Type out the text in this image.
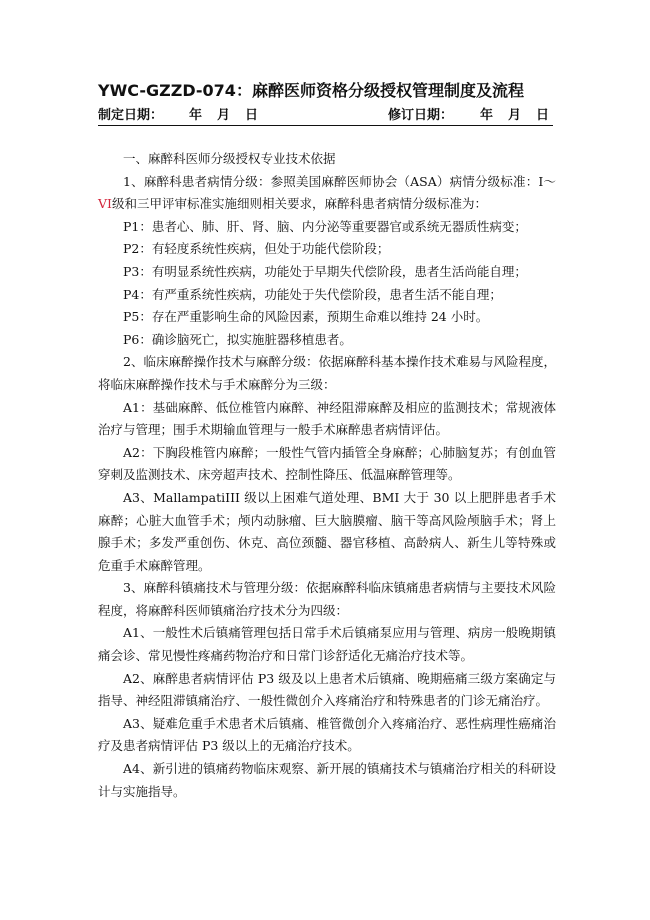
YWC-GZZD-074：麻醉医师资格分级授权管理制度及流程
制定日期： 年 月 日	修订日期： 年 月 日

一、麻醉科医师分级授权专业技术依据

1、麻醉科患者病情分级：参照美国麻醉医师协会（ASA）病情分级标准：I～VI级和三甲评审标准实施细则相关要求，麻醉科患者病情分级标准为：

P1：患者心、肺、肝、肾、脑、内分泌等重要器官或系统无器质性病变；

P2：有轻度系统性疾病，但处于功能代偿阶段；

P3：有明显系统性疾病，功能处于早期失代偿阶段，患者生活尚能自理；

P4：有严重系统性疾病，功能处于失代偿阶段，患者生活不能自理；

P5：存在严重影响生命的风险因素，预期生命难以维持 24 小时。

P6：确诊脑死亡，拟实施脏器移植患者。

2、临床麻醉操作技术与麻醉分级：依据麻醉科基本操作技术难易与风险程度，将临床麻醉操作技术与手术麻醉分为三级：

A1：基础麻醉、低位椎管内麻醉、神经阻滞麻醉及相应的监测技术；常规液体治疗与管理；围手术期输血管理与一般手术麻醉患者病情评估。

A2：下胸段椎管内麻醉；一般性气管内插管全身麻醉；心肺脑复苏；有创血管穿刺及监测技术、床旁超声技术、控制性降压、低温麻醉管理等。

A3、MallampatiIII 级以上困难气道处理、BMI 大于 30 以上肥胖患者手术麻醉；心脏大血管手术；颅内动脉瘤、巨大脑膜瘤、脑干等高风险颅脑手术；肾上腺手术；多发严重创伤、休克、高位颈髓、器官移植、高龄病人、新生儿等特殊或危重手术麻醉管理。

3、麻醉科镇痛技术与管理分级：依据麻醉科临床镇痛患者病情与主要技术风险程度，将麻醉科医师镇痛治疗技术分为四级：

A1、一般性术后镇痛管理包括日常手术后镇痛泵应用与管理、病房一般晚期镇痛会诊、常见慢性疼痛药物治疗和日常门诊舒适化无痛治疗技术等。

A2、麻醉患者病情评估 P3 级及以上患者术后镇痛、晚期癌痛三级方案确定与指导、神经阻滞镇痛治疗、一般性微创介入疼痛治疗和特殊患者的门诊无痛治疗。

A3、疑难危重手术患者术后镇痛、椎管微创介入疼痛治疗、恶性病理性癌痛治疗及患者病情评估 P3 级以上的无痛治疗技术。

A4、新引进的镇痛药物临床观察、新开展的镇痛技术与镇痛治疗相关的科研设计与实施指导。
